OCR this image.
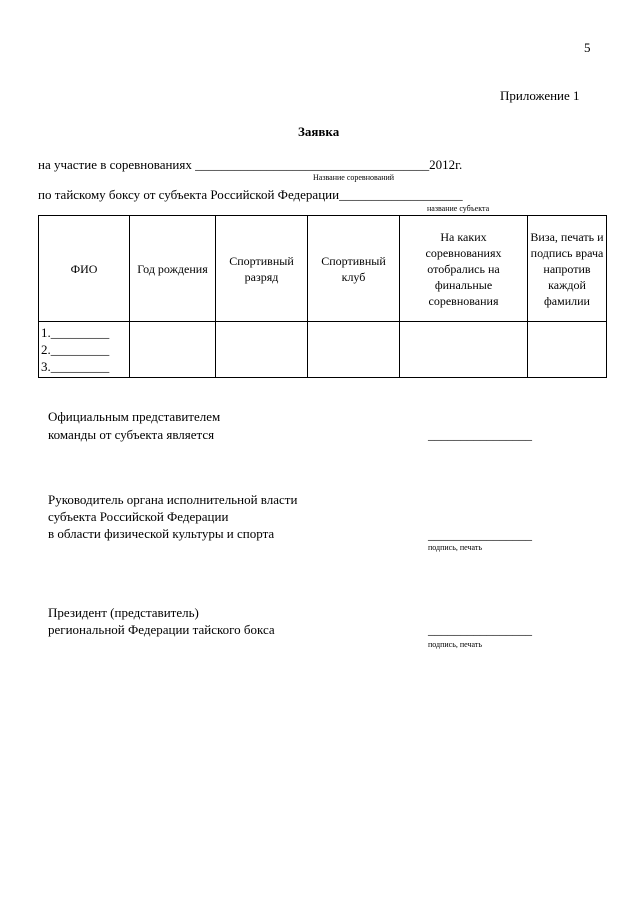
5
Приложение 1
Заявка
на участие в соревнованиях ____________________________________2012г.
Название соревнований
по тайскому боксу от субъекта Российской Федерации___________________
название субъекта
ФИО	Год рождения	Спортивный разряд	Спортивный клуб	На каких соревнованиях отобрались на финальные соревнования	Виза, печать и подпись врача напротив каждой фамилии

1._________
2._________
3._________					

Официальным представителем
команды от субъекта является	________________
Руководитель органа исполнительной власти
субъекта Российской Федерации
в области физической культуры и спорта	________________
подпись, печать
Президент (представитель)
региональной Федерации тайского бокса	________________
подпись, печать
